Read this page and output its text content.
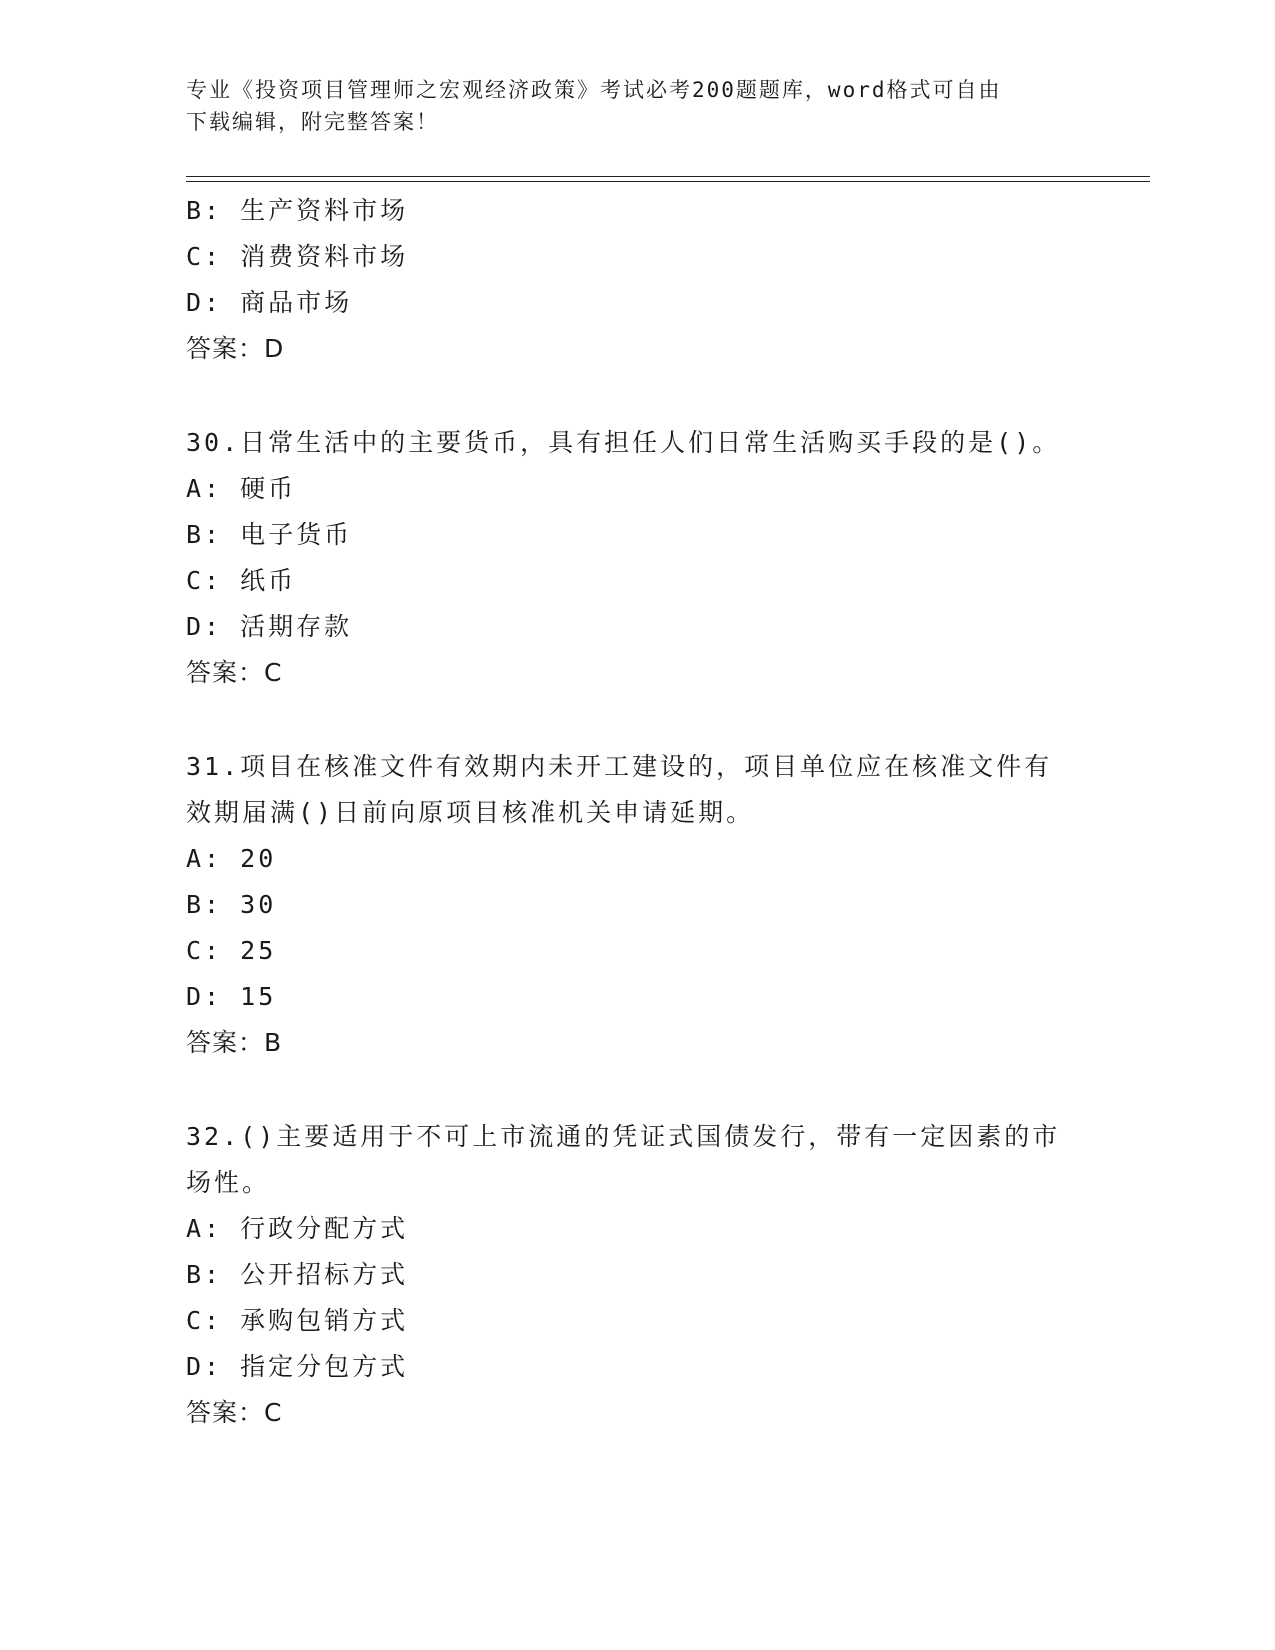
专业《投资项目管理师之宏观经济政策》考试必考200题题库，word格式可自由
下载编辑，附完整答案！
B: 生产资料市场
C: 消费资料市场
D: 商品市场
答案：D
30.日常生活中的主要货币，具有担任人们日常生活购买手段的是()。
A: 硬币
B: 电子货币
C: 纸币
D: 活期存款
答案：C
31.项目在核准文件有效期内未开工建设的，项目单位应在核准文件有
效期届满()日前向原项目核准机关申请延期。
A: 20
B: 30
C: 25
D: 15
答案：B
32.()主要适用于不可上市流通的凭证式国债发行，带有一定因素的市
场性。
A: 行政分配方式
B: 公开招标方式
C: 承购包销方式
D: 指定分包方式
答案：C
